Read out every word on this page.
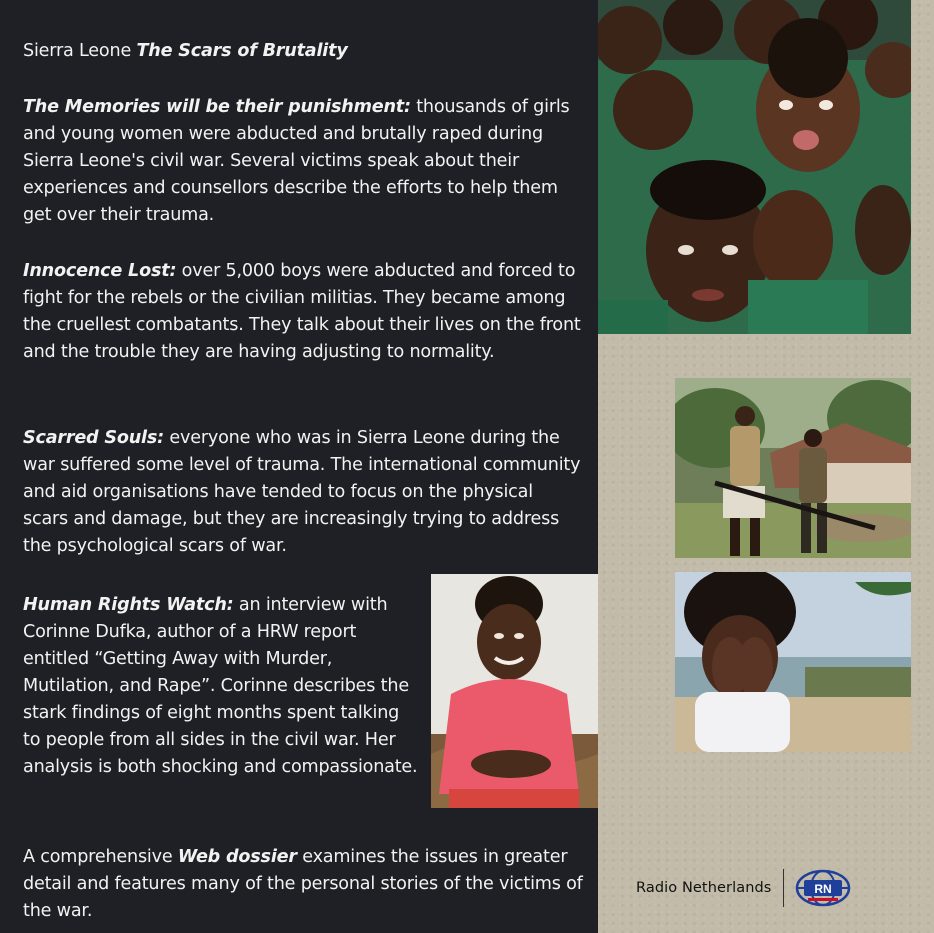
Sierra Leone The Scars of Brutality

The Memories will be their punishment: thousands of girls and young women were abducted and brutally raped during Sierra Leone's civil war. Several victims speak about their experiences and counsellors describe the efforts to help them get over their trauma.

Innocence Lost: over 5,000 boys were abducted and forced to fight for the rebels or the civilian militias. They became among the cruellest combatants. They talk about their lives on the front and the trouble they are having adjusting to normality.

Scarred Souls: everyone who was in Sierra Leone during the war suffered some level of trauma. The international community and aid organisations have tended to focus on the physical scars and damage, but they are increasingly trying to address the psychological scars of war.

Human Rights Watch: an interview with Corinne Dufka, author of a HRW report entitled “Getting Away with Murder, Mutilation, and Rape”. Corinne describes the stark findings of eight months spent talking to people from all sides in the civil war. Her analysis is both shocking and compassionate.

A comprehensive Web dossier examines the issues in greater detail and features many of the personal stories of the victims of the war.

Radio Netherlands	RN
